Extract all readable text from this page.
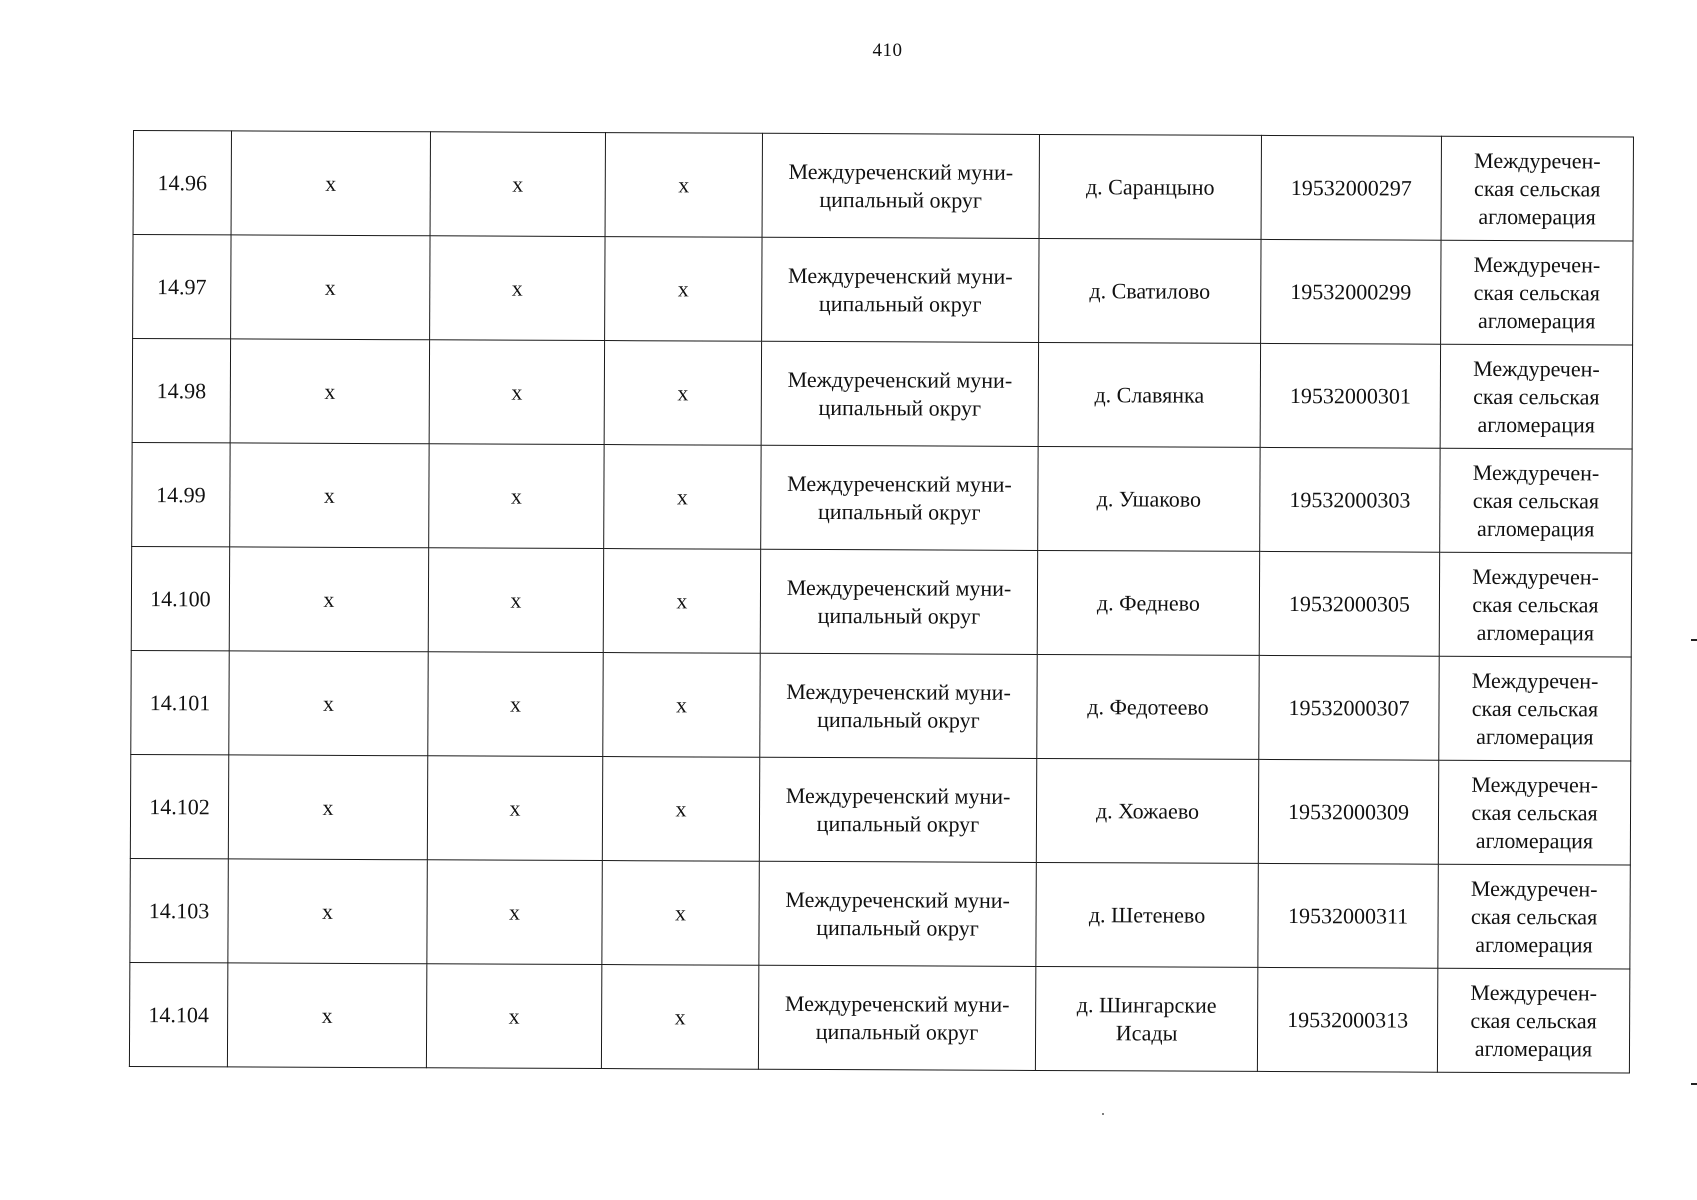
410
14.96	x	x	x	Междуреченский муни-
ципальный округ	д. Саранцыно	19532000297	Междуречен-
ская сельская
агломерация

14.97	x	x	x	Междуреченский муни-
ципальный округ	д. Сватилово	19532000299	Междуречен-
ская сельская
агломерация

14.98	x	x	x	Междуреченский муни-
ципальный округ	д. Славянка	19532000301	Междуречен-
ская сельская
агломерация

14.99	x	x	x	Междуреченский муни-
ципальный округ	д. Ушаково	19532000303	Междуречен-
ская сельская
агломерация

14.100	x	x	x	Междуреченский муни-
ципальный округ	д. Феднево	19532000305	Междуречен-
ская сельская
агломерация

14.101	x	x	x	Междуреченский муни-
ципальный округ	д. Федотеево	19532000307	Междуречен-
ская сельская
агломерация

14.102	x	x	x	Междуреченский муни-
ципальный округ	д. Хожаево	19532000309	Междуречен-
ская сельская
агломерация

14.103	x	x	x	Междуреченский муни-
ципальный округ	д. Шетеневo	19532000311	Междуречен-
ская сельская
агломерация

14.104	x	x	x	Междуреченский муни-
ципальный округ	д. Шингарские
Исады	19532000313	Междуречен-
ская сельская
агломерация
